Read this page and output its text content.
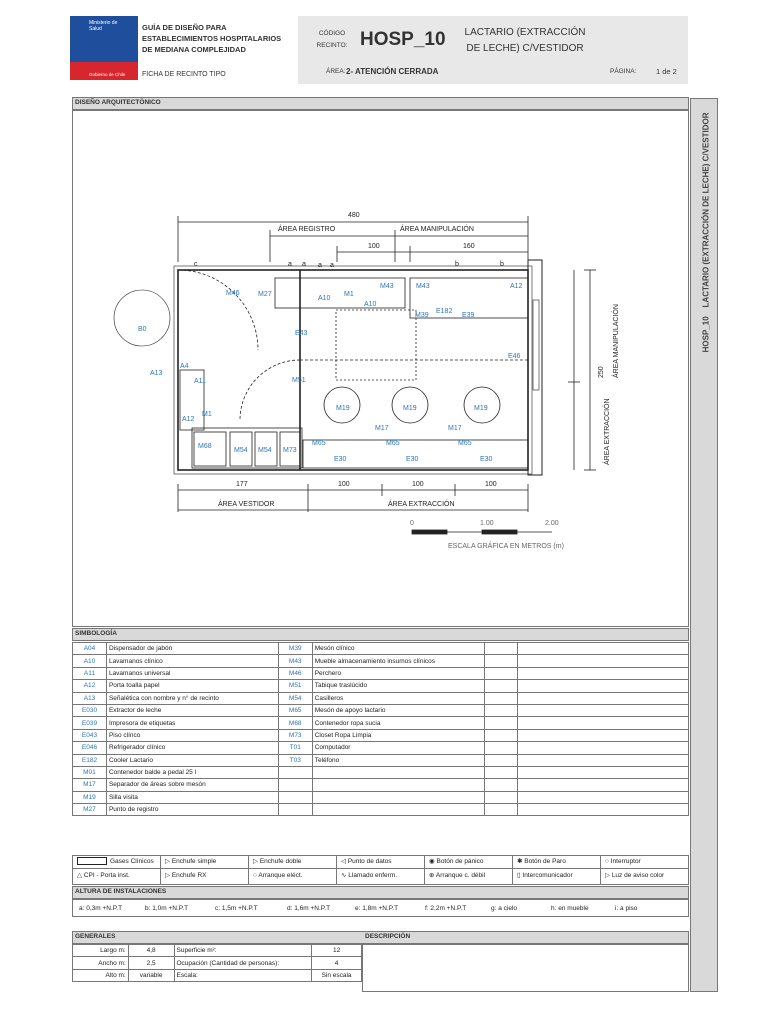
Ministerio de Salud
Gobierno de Chile
GUÍA DE DISEÑO PARA ESTABLECIMIENTOS HOSPITALARIOS DE MEDIANA COMPLEJIDAD
FICHA DE RECINTO TIPO
CÓDIGO RECINTO: HOSP_10	LACTARIO (EXTRACCIÓN DE LECHE) C/VESTIDOR
ÁREA: 2- ATENCIÓN CERRADA	PÁGINA:	1 de 2
HOSP_10    LACTARIO (EXTRACCIÓN DE LECHE) C/VESTIDOR
DISEÑO ARQUITECTÓNICO
480
ÁREA REGISTRO	ÁREA MANIPULACIÓN
100	160
c	a a a a	b	b
177	100	100	100
ÁREA VESTIDOR	ÁREA EXTRACCIÓN
250 ÁREA MANIPULACIÓN
ÁREA EXTRACCIÓN
0	1.00	2.00
ESCALA GRÁFICA EN METROS (m)
M46	M27
A10
M1
M43
A10
E182
E39
M39
M43	A12
E43
B0
A4
A13
A11
A12
M1
M51
M19	M19	M19
E46
M17	M17
M68
M54 M54 M73
M65	M65	M65
E30	E30	E30
SIMBOLOGÍA
A04	Dispensador de jabón	M39	Mesón clínico		
A10	Lavamanos clínico	M43	Mueble almacenamiento insumos clínicos		
A11	Lavamanos universal	M46	Perchero		
A12	Porta toalla papel	M51	Tabique traslúcido		
A13	Señalética con nombre y n° de recinto	M54	Casilleros		
E030	Extractor de leche	M65	Mesón de apoyo lactario		
E039	Impresora de etiquetas	M68	Contenedor ropa sucia		
E043	Piso clínco	M73	Closet Ropa Limpia		
E046	Refrigerador clínico	T01	Computador		
E182	Cooler Lactario	T03	Teléfono		
M01	Contenedor balde a pedal 25 l				
M17	Separador de áreas sobre mesón				
M19	Silla visita				
M27	Punto de registro				
Gases Clínicos	▷ Enchufe simple	▷ Enchufe doble	◁ Punto de datos	◉ Botón de pánico	✱ Botón de Paro	○ Interruptor
△ CPI - Porta inst.	▷ Enchufe RX	○ Arranque eléct.	∿ Llamado enferm.	⊕ Arranque c. débil	▯ Intercomunicador	▷ Luz de aviso color
ALTURA DE INSTALACIONES
a: 0,3m +N.P.T	b: 1,0m +N.P.T	c: 1,5m +N.P.T	d: 1,6m +N.P.T	e: 1,8m +N.P.T	f: 2,2m +N.P.T	g: a cielo	h: en mueble	i: a piso
GENERALES	DESCRIPCIÓN
Largo m:	4,8	Superficie m²:	12
Ancho m:	2,5	Ocupación (Cantidad de personas):	4
Alto m:	variable	Escala:	Sin escala
